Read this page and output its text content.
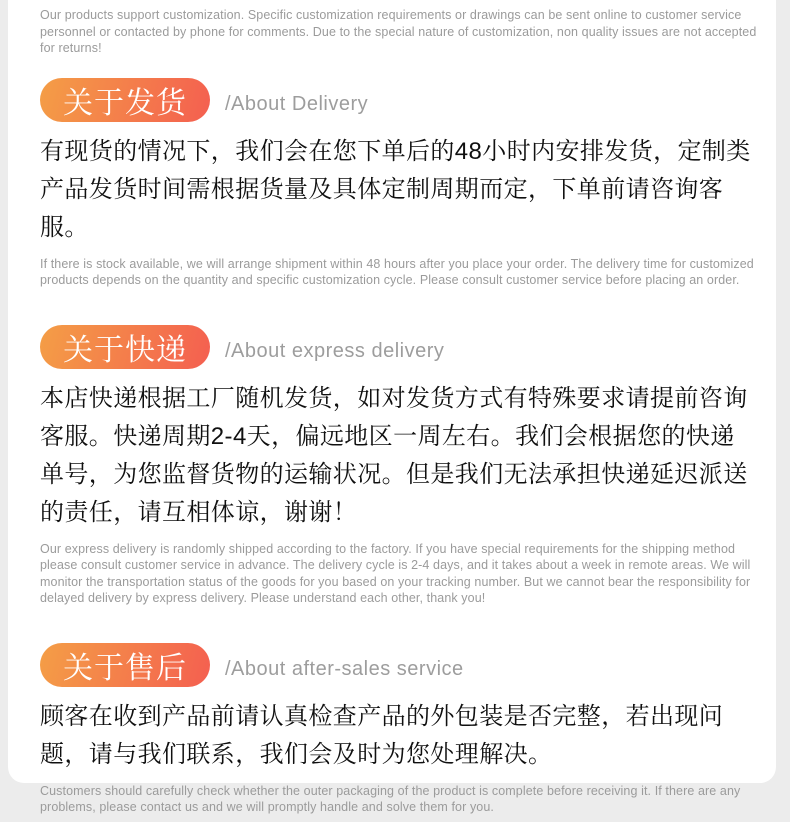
Our products support customization. Specific customization requirements or drawings can be sent online to customer service personnel or contacted by phone for comments. Due to the special nature of customization, non quality issues are not accepted for returns!

关于发货	/About Delivery

有现货的情况下，我们会在您下单后的48小时内安排发货，定制类产品发货时间需根据货量及具体定制周期而定，下单前请咨询客服。

If there is stock available, we will arrange shipment within 48 hours after you place your order. The delivery time for customized products depends on the quantity and specific customization cycle. Please consult customer service before placing an order.

关于快递	/About express delivery

本店快递根据工厂随机发货，如对发货方式有特殊要求请提前咨询客服。快递周期2-4天，偏远地区一周左右。我们会根据您的快递单号，为您监督货物的运输状况。但是我们无法承担快递延迟派送的责任，请互相体谅，谢谢！

Our express delivery is randomly shipped according to the factory. If you have special requirements for the shipping method please consult customer service in advance. The delivery cycle is 2-4 days, and it takes about a week in remote areas. We will monitor the transportation status of the goods for you based on your tracking number. But we cannot bear the responsibility for delayed delivery by express delivery. Please understand each other, thank you!

关于售后	/About after-sales service

顾客在收到产品前请认真检查产品的外包装是否完整，若出现问题，请与我们联系，我们会及时为您处理解决。

Customers should carefully check whether the outer packaging of the product is complete before receiving it. If there are any problems, please contact us and we will promptly handle and solve them for you.
